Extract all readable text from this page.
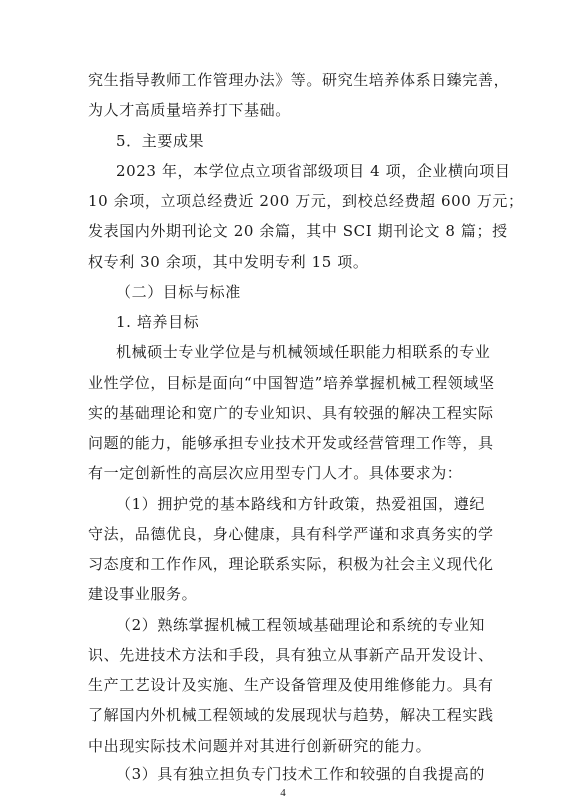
究生指导教师工作管理办法》等。研究生培养体系日臻完善，
为人才高质量培养打下基础。
5．主要成果
2023 年，本学位点立项省部级项目 4 项，企业横向项目
10 余项，立项总经费近 200 万元，到校总经费超 600 万元；
发表国内外期刊论文 20 余篇，其中 SCI 期刊论文 8 篇；授
权专利 30 余项，其中发明专利 15 项。
（二）目标与标准
1. 培养目标
机械硕士专业学位是与机械领域任职能力相联系的专业
业性学位，目标是面向“中国智造”培养掌握机械工程领域坚
实的基础理论和宽广的专业知识、具有较强的解决工程实际
问题的能力，能够承担专业技术开发或经营管理工作等，具
有一定创新性的高层次应用型专门人才。具体要求为：
（1）拥护党的基本路线和方针政策，热爱祖国，遵纪
守法，品德优良，身心健康，具有科学严谨和求真务实的学
习态度和工作作风，理论联系实际，积极为社会主义现代化
建设事业服务。
（2）熟练掌握机械工程领域基础理论和系统的专业知
识、先进技术方法和手段，具有独立从事新产品开发设计、
生产工艺设计及实施、生产设备管理及使用维修能力。具有
了解国内外机械工程领域的发展现状与趋势，解决工程实践
中出现实际技术问题并对其进行创新研究的能力。
（3）具有独立担负专门技术工作和较强的自我提高的
4
